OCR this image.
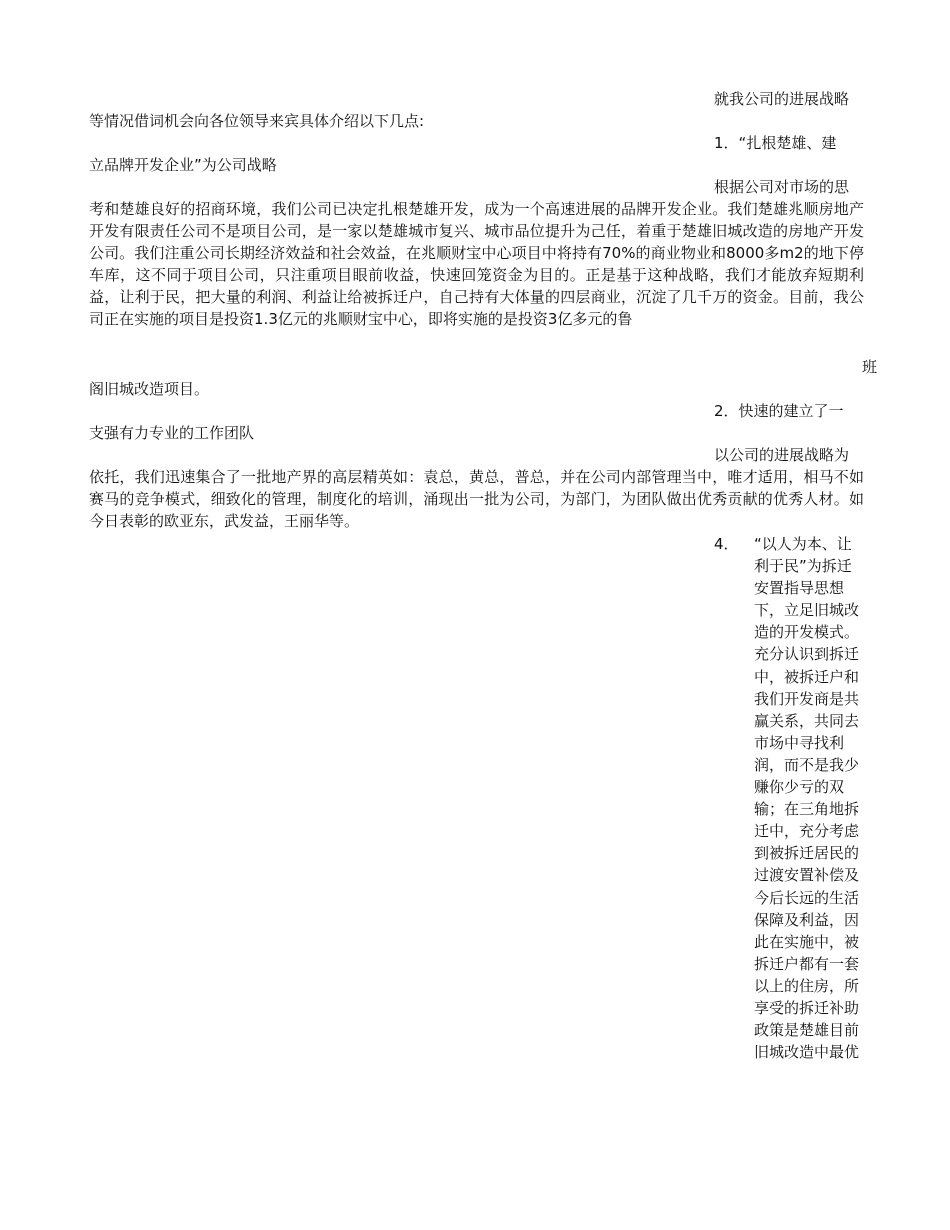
就我公司的进展战略
等情况借词机会向各位领导来宾具体介绍以下几点:
1．“扎根楚雄、建
立品牌开发企业”为公司战略
根据公司对市场的思
考和楚雄良好的招商环境，我们公司已决定扎根楚雄开发，成为一个高速进展的品牌开发企业。我们楚雄兆顺房地产开发有限责任公司不是项目公司，是一家以楚雄城市复兴、城市品位提升为己任，着重于楚雄旧城改造的房地产开发公司。我们注重公司长期经济效益和社会效益，在兆顺财宝中心项目中将持有70%的商业物业和8000多m2的地下停车库，这不同于项目公司，只注重项目眼前收益，快速回笼资金为目的。正是基于这种战略，我们才能放弃短期利益，让利于民，把大量的利润、利益让给被拆迁户，自己持有大体量的四层商业，沉淀了几千万的资金。目前，我公司正在实施的项目是投资1.3亿元的兆顺财宝中心，即将实施的是投资3亿多元的鲁
班
阁旧城改造项目。
2．快速的建立了一
支强有力专业的工作团队
以公司的进展战略为
依托，我们迅速集合了一批地产界的高层精英如：袁总，黄总，普总，并在公司内部管理当中，唯才适用，相马不如赛马的竞争模式，细致化的管理，制度化的培训，涌现出一批为公司，为部门，为团队做出优秀贡献的优秀人材。如今日表彰的欧亚东，武发益，王丽华等。
4． “以人为本、让利于民”为拆迁安置指导思想下，立足旧城改造的开发模式。充分认识到拆迁中，被拆迁户和我们开发商是共赢关系，共同去市场中寻找利润，而不是我少赚你少亏的双输；在三角地拆迁中，充分考虑到被拆迁居民的过渡安置补偿及今后长远的生活保障及利益，因此在实施中，被拆迁户都有一套以上的住房，所享受的拆迁补助政策是楚雄目前旧城改造中最优
